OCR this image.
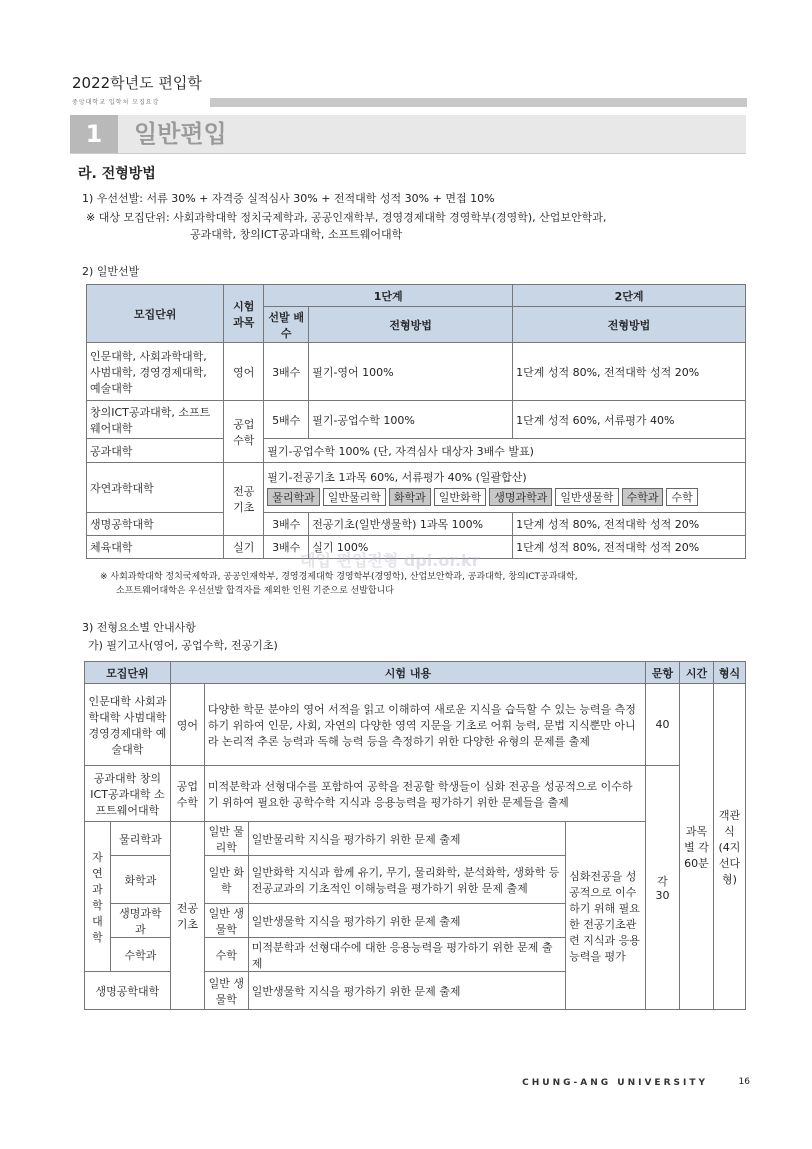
2022학년도 편입학
중앙대학교 입학처 모집요강
1	일반편입
라. 전형방법
1) 우선선발: 서류 30% + 자격증 실적심사 30% + 전적대학 성적 30% + 면접 10%
※ 대상 모집단위: 사회과학대학 정치국제학과, 공공인재학부, 경영경제대학 경영학부(경영학), 산업보안학과,
공과대학, 창의ICT공과대학, 소프트웨어대학
2) 일반선발
모집단위	시험 과목	1단계		2단계
		선발 배수	전형방법	전형방법
인문대학, 사회과학대학, 사범대학, 경영경제대학, 예술대학	영어	3배수	필기-영어 100%	1단계 성적 80%, 전적대학 성적 20%
창의ICT공과대학, 소프트웨어대학	공업 수학	5배수	필기-공업수학 100%	1단계 성적 60%, 서류평가 40%
공과대학		필기-공업수학 100% (단, 자격심사 대상자 3배수 발표)		
자연과학대학	전공 기초	필기-전공기초 1과목 60%, 서류평가 40% (일괄합산)
물리학과 일반물리학 화학과 일반화학 생명과학과 일반생물학 수학과 수학		

생명공학대학		3배수	전공기초(일반생물학) 1과목 100%	1단계 성적 80%, 전적대학 성적 20%
체육대학	실기	3배수	실기 100%	1단계 성적 80%, 전적대학 성적 20%
※ 사회과학대학 정치국제학과, 공공인재학부, 경영경제대학 경영학부(경영학), 산업보안학과, 공과대학, 창의ICT공과대학,
소프트웨어대학은 우선선발 합격자를 제외한 인원 기준으로 선발합니다
대입 편입전형 dpi.or.kr
3) 전형요소별 안내사항
가) 필기고사(영어, 공업수학, 전공기초)
모집단위		시험 내용				문항	시간	형식
인문대학 사회과학대학 사범대학 경영경제대학 예술대학		영어	다양한 학문 분야의 영어 서적을 읽고 이해하여 새로운 지식을 습득할 수 있는 능력을 측정하기 위하여 인문, 사회, 자연의 다양한 영역 지문을 기초로 어휘 능력, 문법 지식뿐만 아니라 논리적 추론 능력과 독해 능력 등을 측정하기 위한 다양한 유형의 문제를 출제			40	과목별 각 60분	객관식 (4지선다형)
공과대학 창의ICT공과대학 소프트웨어대학		공업 수학	미적분학과 선형대수를 포함하여 공학을 전공할 학생들이 심화 전공을 성공적으로 이수하기 위하여 필요한 공학수학 지식과 응용능력을 평가하기 위한 문제들을 출제			각 30		
자연과학대학	물리학과	전공 기초	일반 물리학	일반물리학 지식을 평가하기 위한 문제 출제	심화전공을 성공적으로 이수하기 위해 필요한 전공기초관련 지식과 응용능력을 평가			
	화학과		일반 화학	일반화학 지식과 함께 유기, 무기, 물리화학, 분석화학, 생화학 등 전공교과의 기초적인 이해능력을 평가하기 위한 문제 출제				
	생명과학과		일반 생물학	일반생물학 지식을 평가하기 위한 문제 출제				
	수학과		수학	미적분학과 선형대수에 대한 응용능력을 평가하기 위한 문제 출제				
생명공학대학			일반 생물학	일반생물학 지식을 평가하기 위한 문제 출제				
CHUNG-ANG UNIVERSITY	16
